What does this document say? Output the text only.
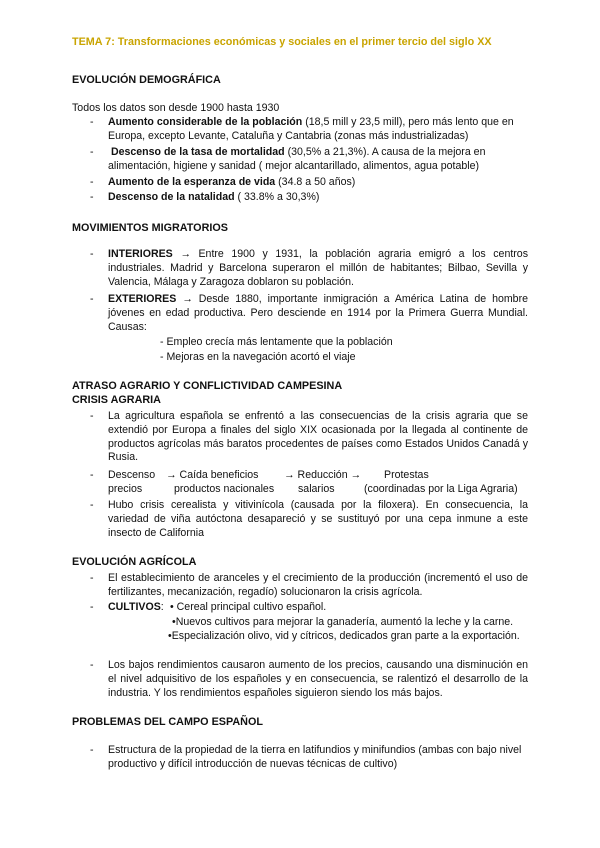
TEMA 7: Transformaciones económicas y sociales en el primer tercio del siglo XX
EVOLUCIÓN DEMOGRÁFICA
Todos los datos son desde 1900 hasta 1930
- Aumento considerable de la población (18,5 mill y 23,5 mill), pero más lento que en Europa, excepto Levante, Cataluña y Cantabria (zonas más industrializadas)
- Descenso de la tasa de mortalidad (30,5% a 21,3%). A causa de la mejora en alimentación, higiene y sanidad ( mejor alcantarillado, alimentos, agua potable)
- Aumento de la esperanza de vida (34.8 a 50 años)
- Descenso de la natalidad ( 33.8% a 30,3%)
MOVIMIENTOS MIGRATORIOS
- INTERIORES → Entre 1900 y 1931, la población agraria emigró a los centros industriales. Madrid y Barcelona superaron el millón de habitantes; Bilbao, Sevilla y Valencia, Málaga y Zaragoza doblaron su población.
- EXTERIORES → Desde 1880, importante inmigración a América Latina de hombre jóvenes en edad productiva. Pero desciende en 1914 por la Primera Guerra Mundial. Causas:
- Empleo crecía más lentamente que la población
- Mejoras en la navegación acortó el viaje
ATRASO AGRARIO Y CONFLICTIVIDAD CAMPESINA
CRISIS AGRARIA
- La agricultura española se enfrentó a las consecuencias de la crisis agraria que se extendió por Europa a finales del siglo XIX ocasionada por la llegada al continente de productos agrícolas más baratos procedentes de países como Estados Unidos Canadá y Rusia.
- Descenso → Caída beneficios → Reducción → Protestas
precios	productos nacionales salarios	(coordinadas por la Liga Agraria)
- Hubo crisis cerealista y vitivinícola (causada por la filoxera). En consecuencia, la variedad de viña autóctona desapareció y se sustituyó por una cepa inmune a este insecto de California
EVOLUCIÓN AGRÍCOLA
- El establecimiento de aranceles y el crecimiento de la producción (incrementó el uso de fertilizantes, mecanización, regadío) solucionaron la crisis agrícola.
- CULTIVOS: • Cereal principal cultivo español.
•Nuevos cultivos para mejorar la ganadería, aumentó la leche y la carne.
•Especialización olivo, vid y cítricos, dedicados gran parte a la exportación.
- Los bajos rendimientos causaron aumento de los precios, causando una disminución en el nivel adquisitivo de los españoles y en consecuencia, se ralentizó el desarrollo de la industria. Y los rendimientos españoles siguieron siendo los más bajos.
PROBLEMAS DEL CAMPO ESPAÑOL
- Estructura de la propiedad de la tierra en latifundios y minifundios (ambas con bajo nivel productivo y difícil introducción de nuevas técnicas de cultivo)
